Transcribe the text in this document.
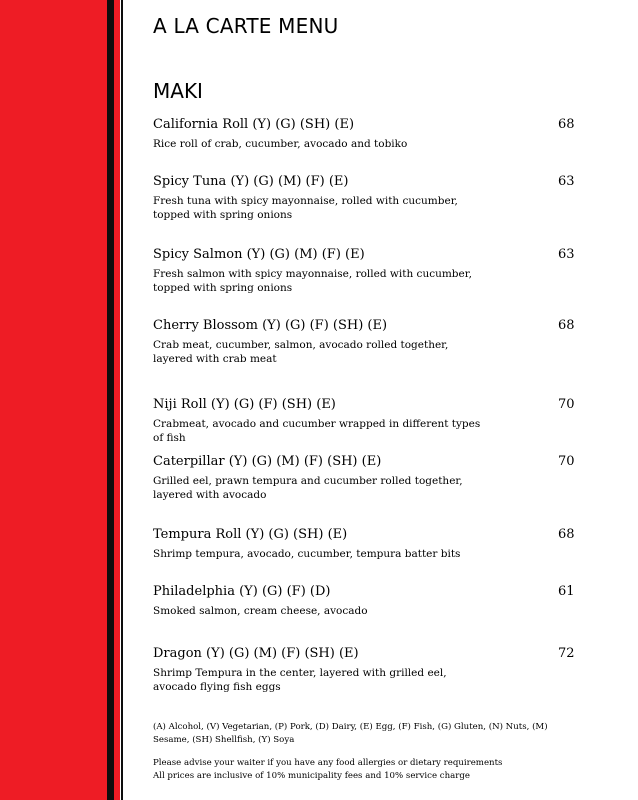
A LA CARTE MENU
MAKI
California Roll (Y) (G) (SH) (E)	68
Rice roll of crab, cucumber, avocado and tobiko
Spicy Tuna (Y) (G) (M) (F) (E)	63
Fresh tuna with spicy mayonnaise, rolled with cucumber, topped with spring onions
Spicy Salmon (Y) (G) (M) (F) (E)	63
Fresh salmon with spicy mayonnaise, rolled with cucumber, topped with spring onions
Cherry Blossom (Y) (G) (F) (SH) (E)	68
Crab meat, cucumber, salmon, avocado rolled together, layered with crab meat
Niji Roll (Y) (G) (F) (SH) (E)	70
Crabmeat, avocado and cucumber wrapped in different types of fish
Caterpillar (Y) (G) (M) (F) (SH) (E)	70
Grilled eel, prawn tempura and cucumber rolled together, layered with avocado
Tempura Roll (Y) (G) (SH) (E)	68
Shrimp tempura, avocado, cucumber, tempura batter bits
Philadelphia (Y) (G) (F) (D)	61
Smoked salmon, cream cheese, avocado
Dragon (Y) (G) (M) (F) (SH) (E)	72
Shrimp Tempura in the center, layered with grilled eel, avocado flying fish eggs
(A) Alcohol, (V) Vegetarian, (P) Pork, (D) Dairy, (E) Egg, (F) Fish, (G) Gluten, (N) Nuts, (M) Sesame, (SH) Shellfish, (Y) Soya
Please advise your waiter if you have any food allergies or dietary requirements
All prices are inclusive of 10% municipality fees and 10% service charge
